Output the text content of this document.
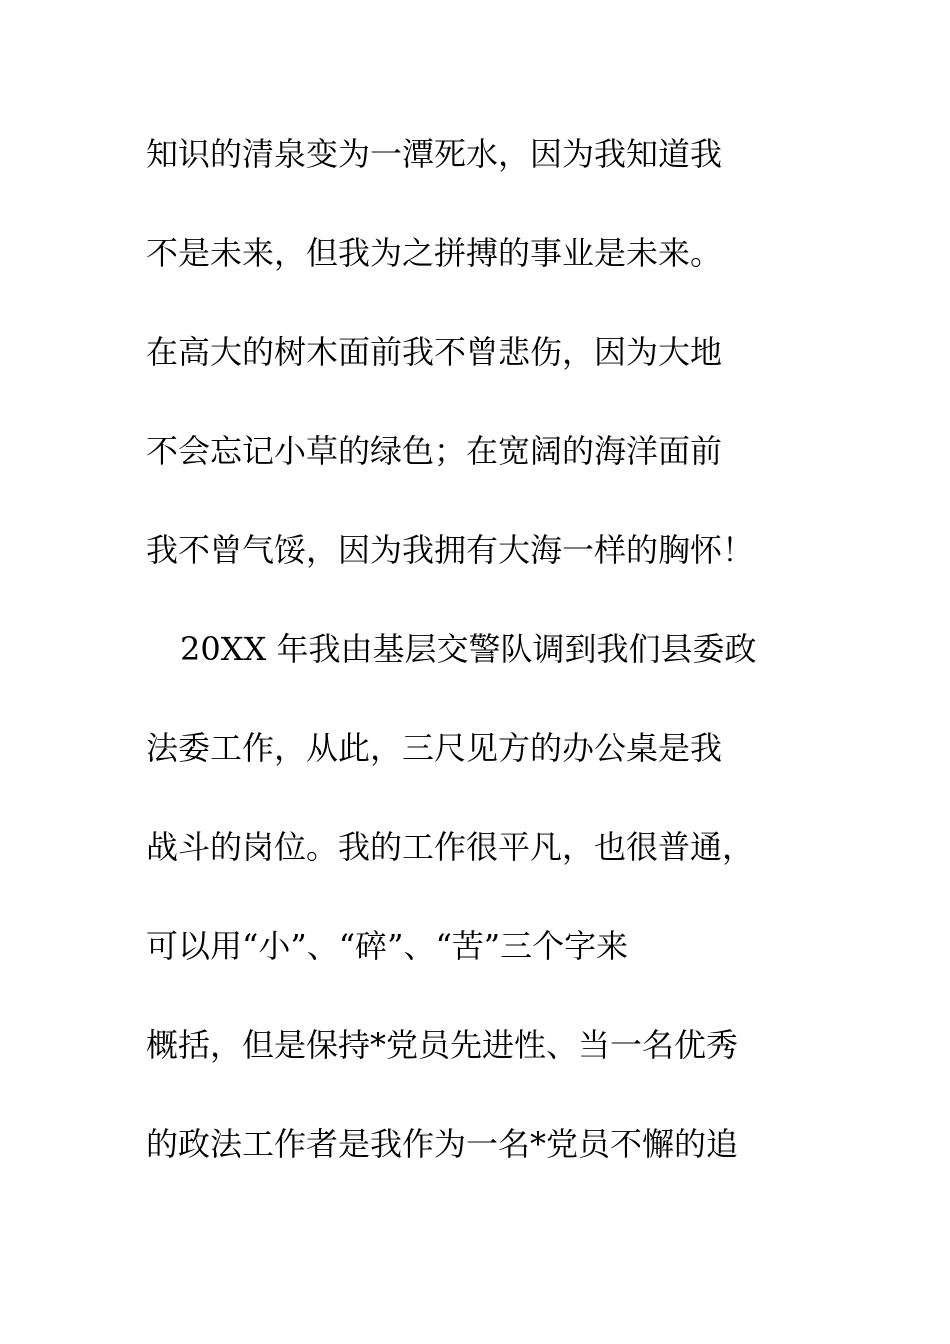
知识的清泉变为一潭死水，因为我知道我
不是未来，但我为之拼搏的事业是未来。
在高大的树木面前我不曾悲伤，因为大地
不会忘记小草的绿色；在宽阔的海洋面前
我不曾气馁，因为我拥有大海一样的胸怀！
20XX 年我由基层交警队调到我们县委政
法委工作，从此，三尺见方的办公桌是我
战斗的岗位。我的工作很平凡，也很普通，
可以用“小”、“碎”、“苦”三个字来
概括，但是保持*党员先进性、当一名优秀
的政法工作者是我作为一名*党员不懈的追
